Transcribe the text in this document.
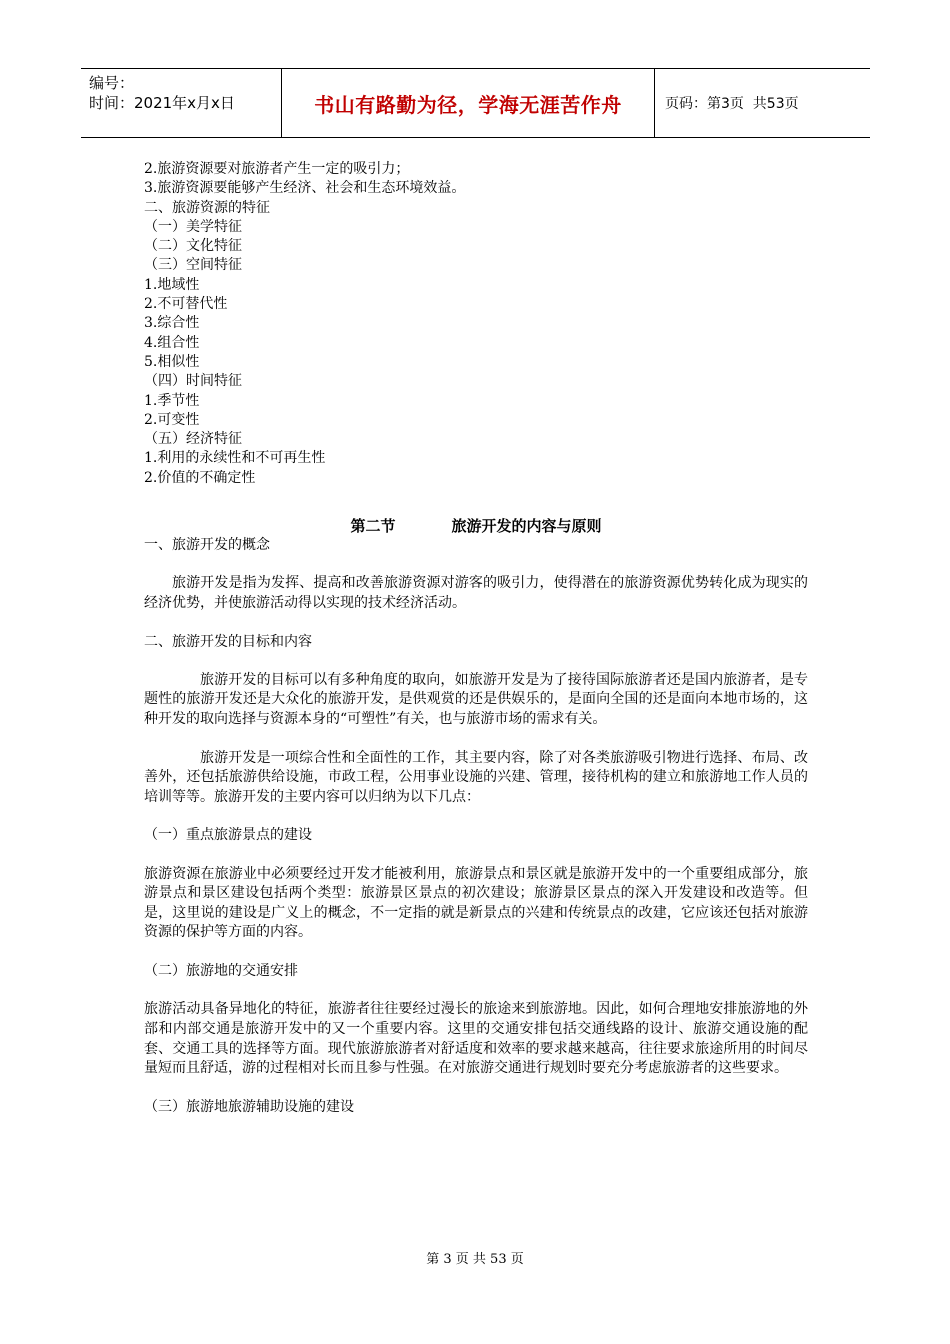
编号：
时间：2021年x月x日	书山有路勤为径，学海无涯苦作舟	页码：第3页  共53页
2.旅游资源要对旅游者产生一定的吸引力；
3.旅游资源要能够产生经济、社会和生态环境效益。
二、旅游资源的特征
（一）美学特征
（二）文化特征
（三）空间特征
1.地域性
2.不可替代性
3.综合性
4.组合性
5.相似性
（四）时间特征
1.季节性
2.可变性
（五）经济特征
1.利用的永续性和不可再生性
2.价值的不确定性
第二节	旅游开发的内容与原则
一、旅游开发的概念

旅游开发是指为发挥、提高和改善旅游资源对游客的吸引力，使得潜在的旅游资源优势转化成为现实的经济优势，并使旅游活动得以实现的技术经济活动。

二、旅游开发的目标和内容

旅游开发的目标可以有多种角度的取向，如旅游开发是为了接待国际旅游者还是国内旅游者，是专题性的旅游开发还是大众化的旅游开发，是供观赏的还是供娱乐的，是面向全国的还是面向本地市场的，这种开发的取向选择与资源本身的“可塑性”有关，也与旅游市场的需求有关。

旅游开发是一项综合性和全面性的工作，其主要内容，除了对各类旅游吸引物进行选择、布局、改善外，还包括旅游供给设施，市政工程，公用事业设施的兴建、管理，接待机构的建立和旅游地工作人员的培训等等。旅游开发的主要内容可以归纳为以下几点：

（一）重点旅游景点的建设

旅游资源在旅游业中必须要经过开发才能被利用，旅游景点和景区就是旅游开发中的一个重要组成部分，旅游景点和景区建设包括两个类型：旅游景区景点的初次建设；旅游景区景点的深入开发建设和改造等。但是，这里说的建设是广义上的概念，不一定指的就是新景点的兴建和传统景点的改建，它应该还包括对旅游资源的保护等方面的内容。

（二）旅游地的交通安排

旅游活动具备异地化的特征，旅游者往往要经过漫长的旅途来到旅游地。因此，如何合理地安排旅游地的外部和内部交通是旅游开发中的又一个重要内容。这里的交通安排包括交通线路的设计、旅游交通设施的配套、交通工具的选择等方面。现代旅游旅游者对舒适度和效率的要求越来越高，往往要求旅途所用的时间尽量短而且舒适，游的过程相对长而且参与性强。在对旅游交通进行规划时要充分考虑旅游者的这些要求。

（三）旅游地旅游辅助设施的建设
第 3 页 共 53 页
